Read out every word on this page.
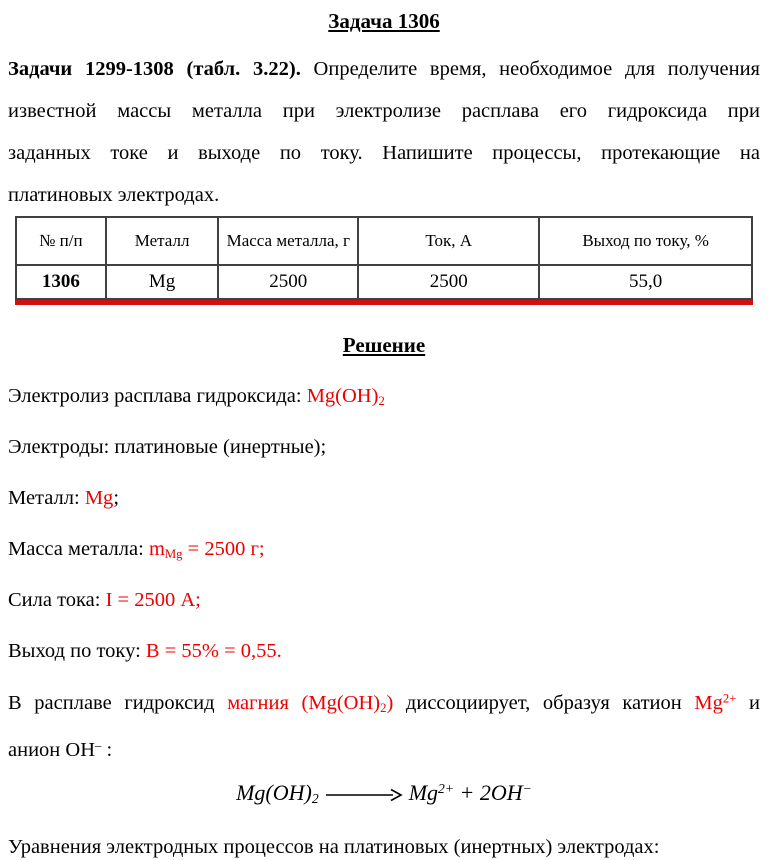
Задача 1306
Задачи 1299-1308 (табл. 3.22). Определите время, необходимое для получения
известной массы металла при электролизе расплава его гидроксида при
заданных токе и выходе по току. Напишите процессы, протекающие на
платиновых электродах.
№ п/п	Металл	Масса металла, г	Ток, А	Выход по току, %
1306	Mg	2500	2500	55,0
Решение

Электролиз расплава гидроксида: $Mg(OH)_2$

Электроды: платиновые (инертные);

Металл: Mg;

Масса металла: $m_{Mg} = 2500$ г;

Сила тока: I = 2500 А;

Выход по току: В = 55% = 0,55.

В расплаве гидроксид магния $(Mg(OH)_2)$ диссоциирует, образуя катион $Mg^{2+}$ и
анион ОН– :

$Mg(OH)_2 \to Mg^{2+} + 2OH^-$

Уравнения электродных процессов на платиновых (инертных) электродах:
